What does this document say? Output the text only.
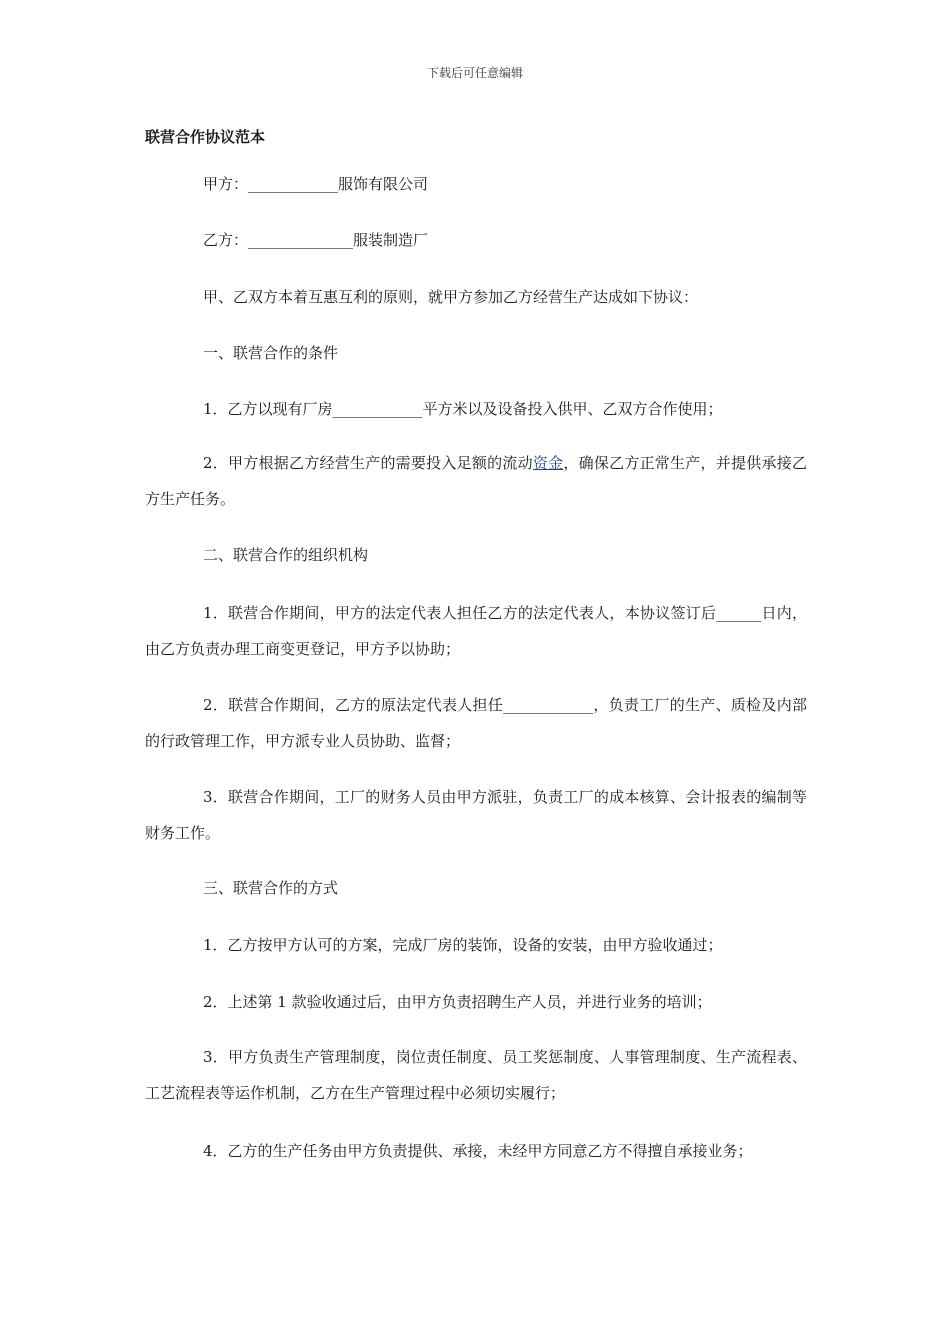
下载后可任意编辑
联营合作协议范本
甲方：____________服饰有限公司
乙方：______________服装制造厂
甲、乙双方本着互惠互利的原则，就甲方参加乙方经营生产达成如下协议：
一、联营合作的条件
1．乙方以现有厂房____________平方米以及设备投入供甲、乙双方合作使用；
2．甲方根据乙方经营生产的需要投入足额的流动资金，确保乙方正常生产，并提供承接乙方生产任务。
二、联营合作的组织机构
1．联营合作期间，甲方的法定代表人担任乙方的法定代表人，本协议签订后______日内，由乙方负责办理工商变更登记，甲方予以协助；
2．联营合作期间，乙方的原法定代表人担任____________，负责工厂的生产、质检及内部的行政管理工作，甲方派专业人员协助、监督；
3．联营合作期间，工厂的财务人员由甲方派驻，负责工厂的成本核算、会计报表的编制等财务工作。
三、联营合作的方式
1．乙方按甲方认可的方案，完成厂房的装饰，设备的安装，由甲方验收通过；
2．上述第 1 款验收通过后，由甲方负责招聘生产人员，并进行业务的培训；
3．甲方负责生产管理制度，岗位责任制度、员工奖惩制度、人事管理制度、生产流程表、工艺流程表等运作机制，乙方在生产管理过程中必须切实履行；
4．乙方的生产任务由甲方负责提供、承接，未经甲方同意乙方不得擅自承接业务；
